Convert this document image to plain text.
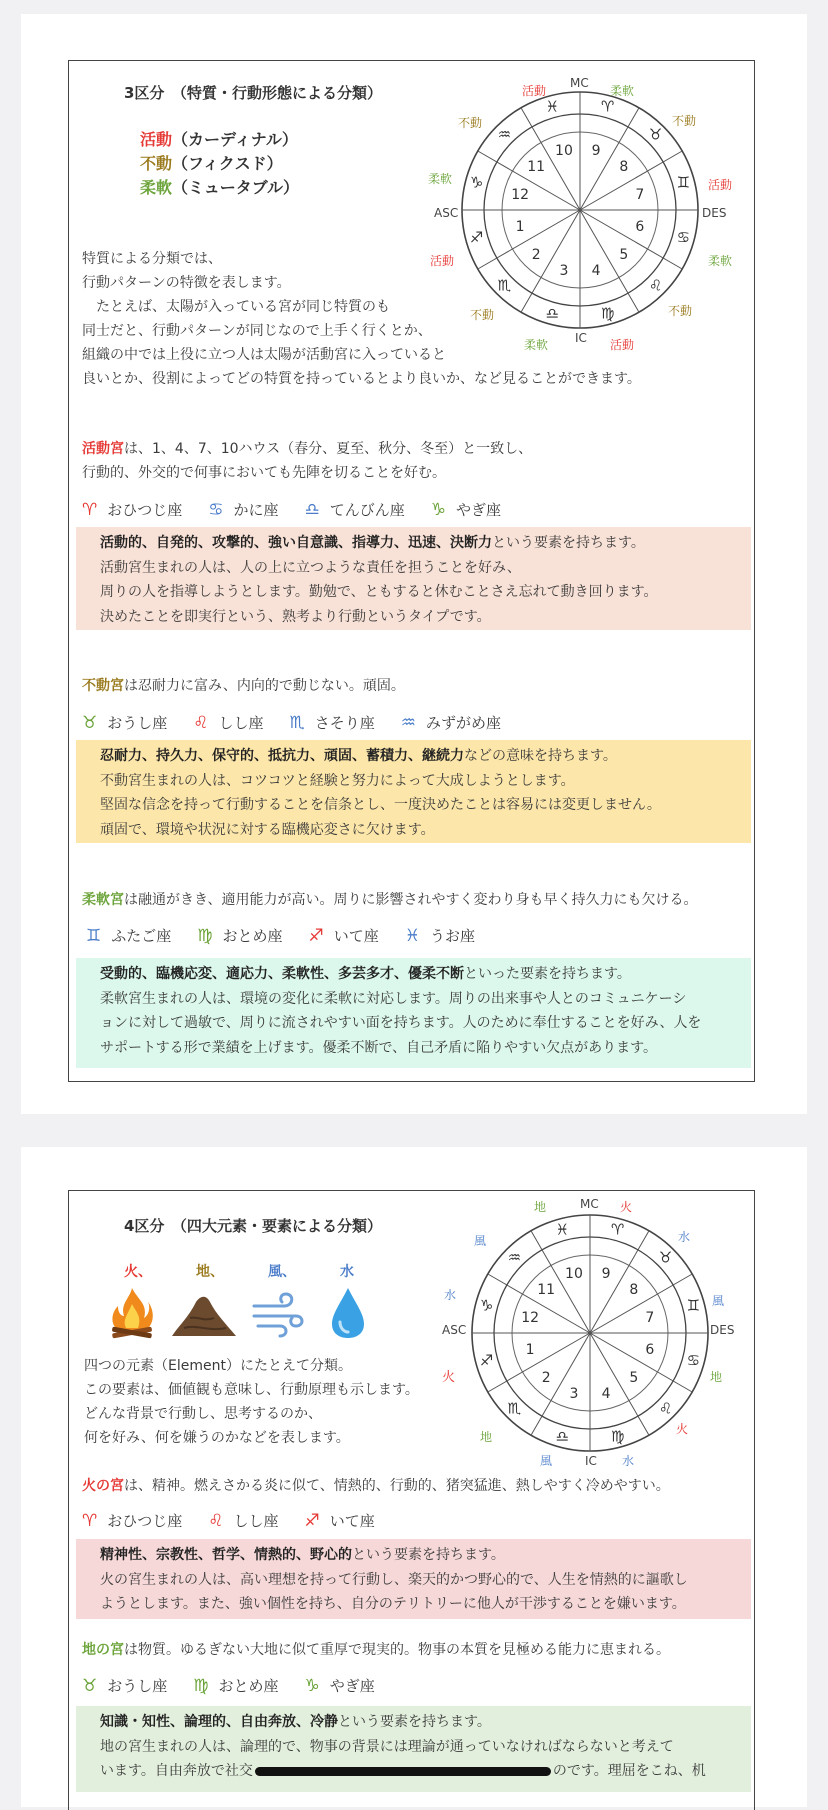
3区分　（特質・行動形態による分類）
活動（カーディナル）
不動（フィクスド）
柔軟（ミュータブル）
特質による分類では、
行動パターンの特徴を表します。
　たとえば、太陽が入っている宮が同じ特質のも
同士だと、行動パターンが同じなので上手く行くとか、
組織の中では上役に立つ人は太陽が活動宮に入っていると
良いとか、役割によってどの特質を持っているとより良いか、など見ることができます。
♐
♏
♎	♍
♌
♋
♊
♉
♈
♓
♒
♑
1
2
3 4
5
6
7
8
9
10
11
12
MC
IC
ASC	DES
活動	柔軟
不動	不動
柔軟	活動
活動	柔軟
不動	不動
柔軟	活動
活動宮は、1、4、7、10ハウス（春分、夏至、秋分、冬至）と一致し、
行動的、外交的で何事においても先陣を切ることを好む。
♈ おひつじ座 ♋ かに座 ♎ てんびん座 ♑ やぎ座
活動的、自発的、攻撃的、強い自意識、指導力、迅速、決断力という要素を持ちます。
活動宮生まれの人は、人の上に立つような責任を担うことを好み、
周りの人を指導しようとします。勤勉で、ともすると休むことさえ忘れて動き回ります。
決めたことを即実行という、熟考より行動というタイプです。
不動宮は忍耐力に富み、内向的で動じない。頑固。
♉ おうし座 ♌ しし座 ♏ さそり座 ♒ みずがめ座
忍耐力、持久力、保守的、抵抗力、頑固、蓄積力、継続力などの意味を持ちます。
不動宮生まれの人は、コツコツと経験と努力によって大成しようとします。
堅固な信念を持って行動することを信条とし、一度決めたことは容易には変更しません。
頑固で、環境や状況に対する臨機応変さに欠けます。
柔軟宮は融通がきき、適用能力が高い。周りに影響されやすく変わり身も早く持久力にも欠ける。
♊ ふたご座 ♍ おとめ座 ♐ いて座 ♓ うお座
受動的、臨機応変、適応力、柔軟性、多芸多才、優柔不断といった要素を持ちます。
柔軟宮生まれの人は、環境の変化に柔軟に対応します。周りの出来事や人とのコミュニケーシ
ョンに対して過敏で、周りに流されやすい面を持ちます。人のために奉仕することを好み、人を
サポートする形で業績を上げます。優柔不断で、自己矛盾に陥りやすい欠点があります。
4区分　（四大元素・要素による分類）
火、	地、	風、	水
四つの元素（Element）にたとえて分類。
この要素は、価値観も意味し、行動原理も示します。
どんな背景で行動し、思考するのか、
何を好み、何を嫌うのかなどを表します。
♐
♏
♎	♍
♌
♋
♊
♉
♈
♓
♒
♑
1
2
3 4
5
6
7
8
9
10
11
12
MC
IC
ASC	DES
地	火
風	水
水	風
火	地
地
火
風	水
火の宮は、精神。燃えさかる炎に似て、情熱的、行動的、猪突猛進、熱しやすく冷めやすい。
♈ おひつじ座 ♌ しし座 ♐ いて座
精神性、宗教性、哲学、情熱的、野心的という要素を持ちます。
火の宮生まれの人は、高い理想を持って行動し、楽天的かつ野心的で、人生を情熱的に謳歌し
ようとします。また、強い個性を持ち、自分のテリトリーに他人が干渉することを嫌います。
地の宮は物質。ゆるぎない大地に似て重厚で現実的。物事の本質を見極める能力に恵まれる。
♉ おうし座 ♍ おとめ座 ♑ やぎ座
知識・知性、論理的、自由奔放、冷静という要素を持ちます。
地の宮生まれの人は、論理的で、物事の背景には理論が通っていなければならないと考えて
います。自由奔放で社交	のです。理屈をこね、机
